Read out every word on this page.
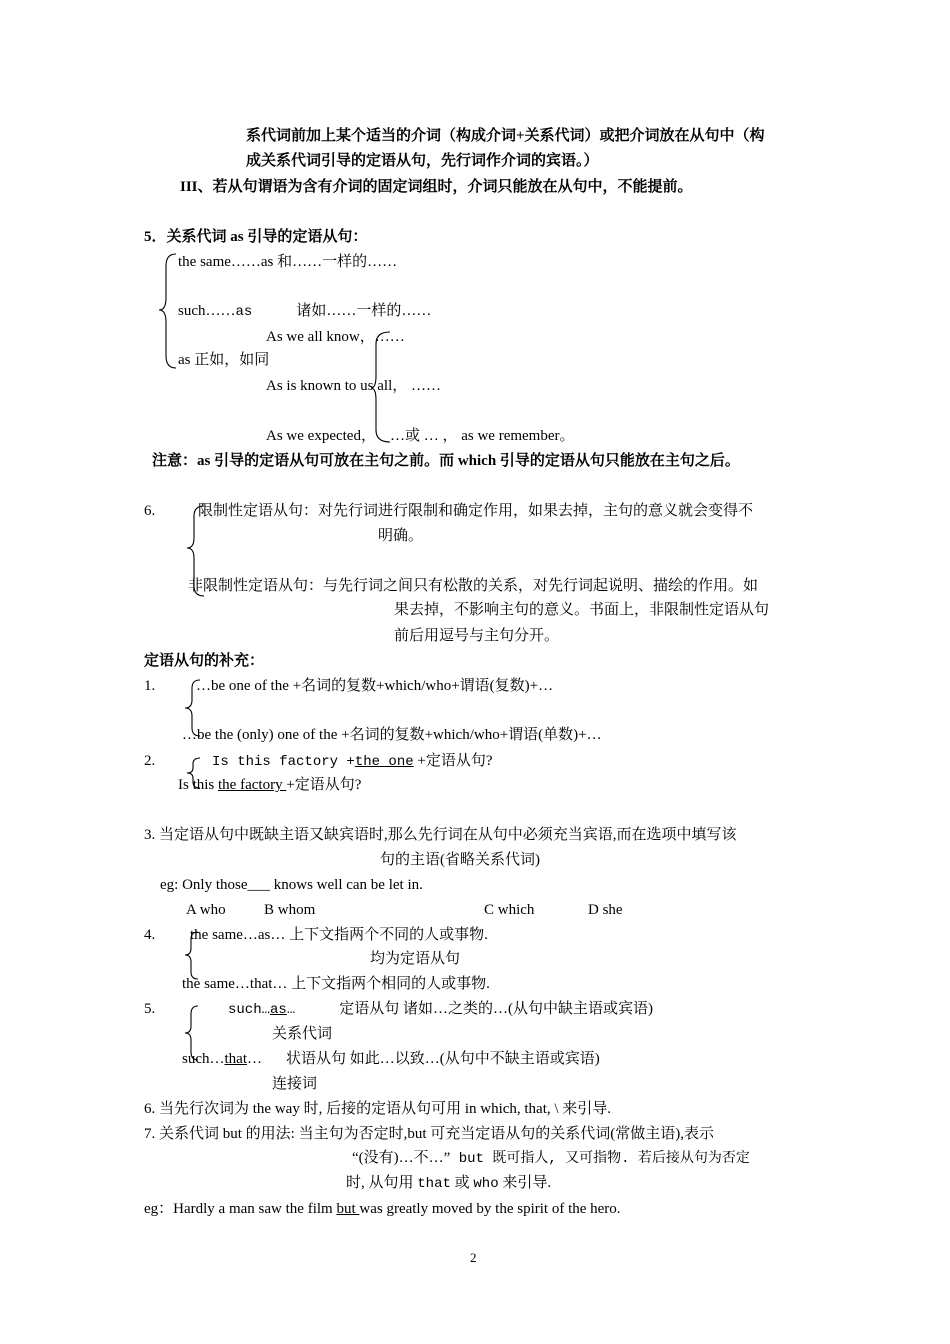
系代词前加上某个适当的介词（构成介词+关系代词）或把介词放在从句中（构
成关系代词引导的定语从句，先行词作介词的宾语。）
III、若从句谓语为含有介词的固定词组时，介词只能放在从句中，不能提前。
5．关系代词 as 引导的定语从句：
the same……as 和……一样的……
such……as	诸如……一样的……
As we all know，……
as 正如，如同
As is known to us all， ……
As we expected， …或 … ， as we remember。
注意：as 引导的定语从句可放在主句之前。而 which 引导的定语从句只能放在主句之后。
6.	限制性定语从句：对先行词进行限制和确定作用，如果去掉，主句的意义就会变得不
明确。
非限制性定语从句：与先行词之间只有松散的关系，对先行词起说明、描绘的作用。如
果去掉，不影响主句的意义。书面上，非限制性定语从句
前后用逗号与主句分开。
定语从句的补充：
1.	…be one of the +名词的复数+which/who+谓语(复数)+…
…be the (only) one of the +名词的复数+which/who+谓语(单数)+…
2.	Is this factory +the one +定语从句?
Is this the factory +定语从句?
3. 当定语从句中既缺主语又缺宾语时,那么先行词在从句中必须充当宾语,而在选项中填写该
句的主语(省略关系代词)
eg: Only those___ knows well can be let in.
A who	B whom	C which	D she
4. the same…as… 上下文指两个不同的人或事物.
均为定语从句
the same…that… 上下文指两个相同的人或事物.
5.	such…as…	定语从句 诸如…之类的…(从句中缺主语或宾语)
关系代词
such…that… 状语从句 如此…以致…(从句中不缺主语或宾语)
连接词
6. 当先行次词为 the way 时, 后接的定语从句可用 in which, that, \ 来引导.
7. 关系代词 but 的用法: 当主句为否定时,but 可充当定语从句的关系代词(常做主语),表示
“(没有)…不…” but 既可指人, 又可指物. 若后接从句为否定
时, 从句用 that 或 who 来引导.
eg：Hardly a man saw the film but was greatly moved by the spirit of the hero.
2
